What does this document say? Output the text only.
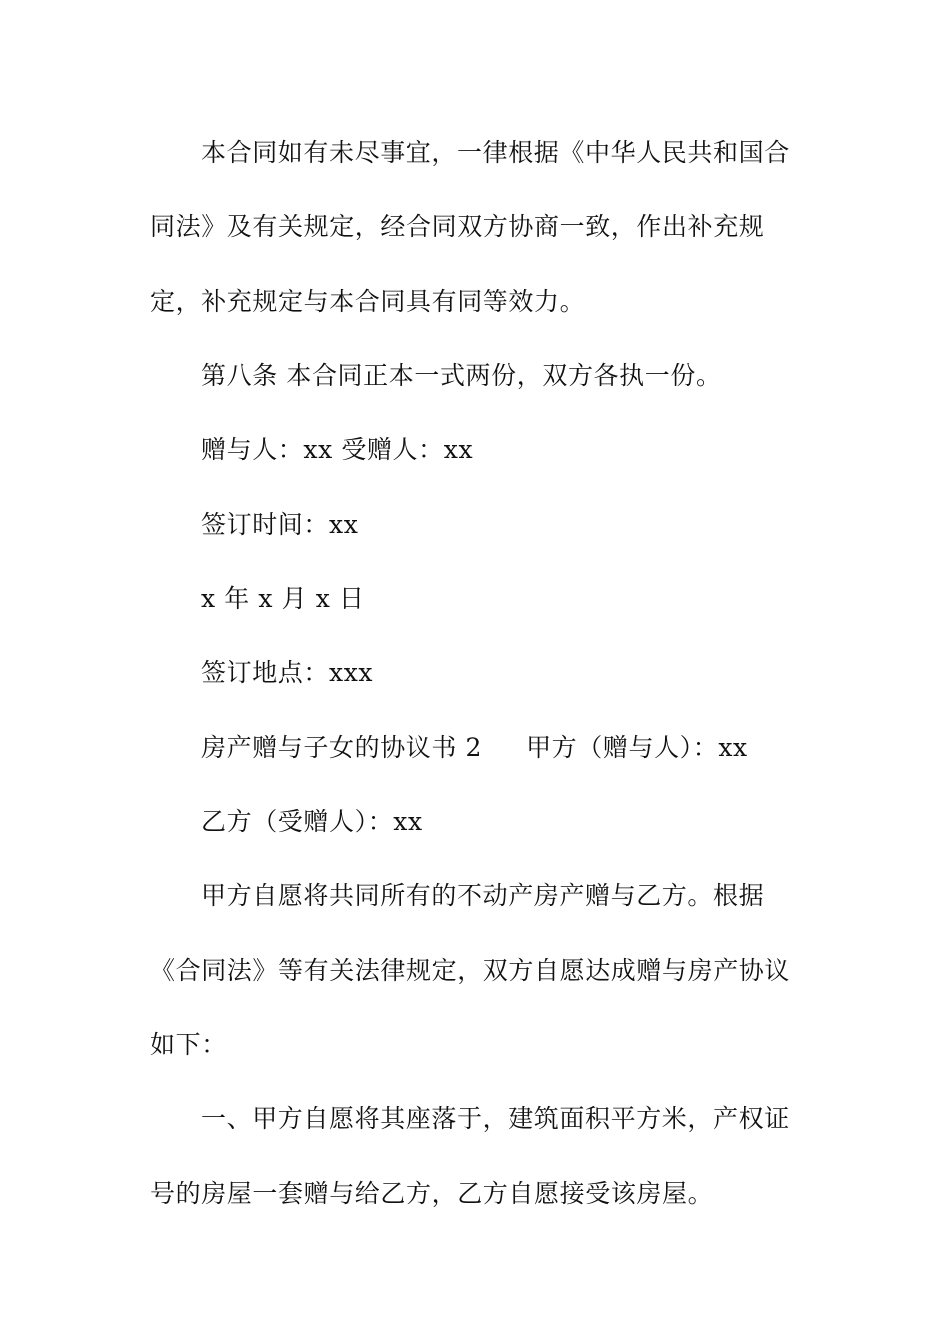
本合同如有未尽事宜，一律根据《中华人民共和国合
同法》及有关规定，经合同双方协商一致，作出补充规
定，补充规定与本合同具有同等效力。
第八条 本合同正本一式两份，双方各执一份。
赠与人：xx 受赠人：xx
签订时间：xx
x 年 x 月 x 日
签订地点：xxx
房产赠与子女的协议书 2 甲方（赠与人）：xx
乙方（受赠人）：xx
甲方自愿将共同所有的不动产房产赠与乙方。根据
《合同法》等有关法律规定，双方自愿达成赠与房产协议
如下：
一、甲方自愿将其座落于，建筑面积平方米，产权证
号的房屋一套赠与给乙方，乙方自愿接受该房屋。
